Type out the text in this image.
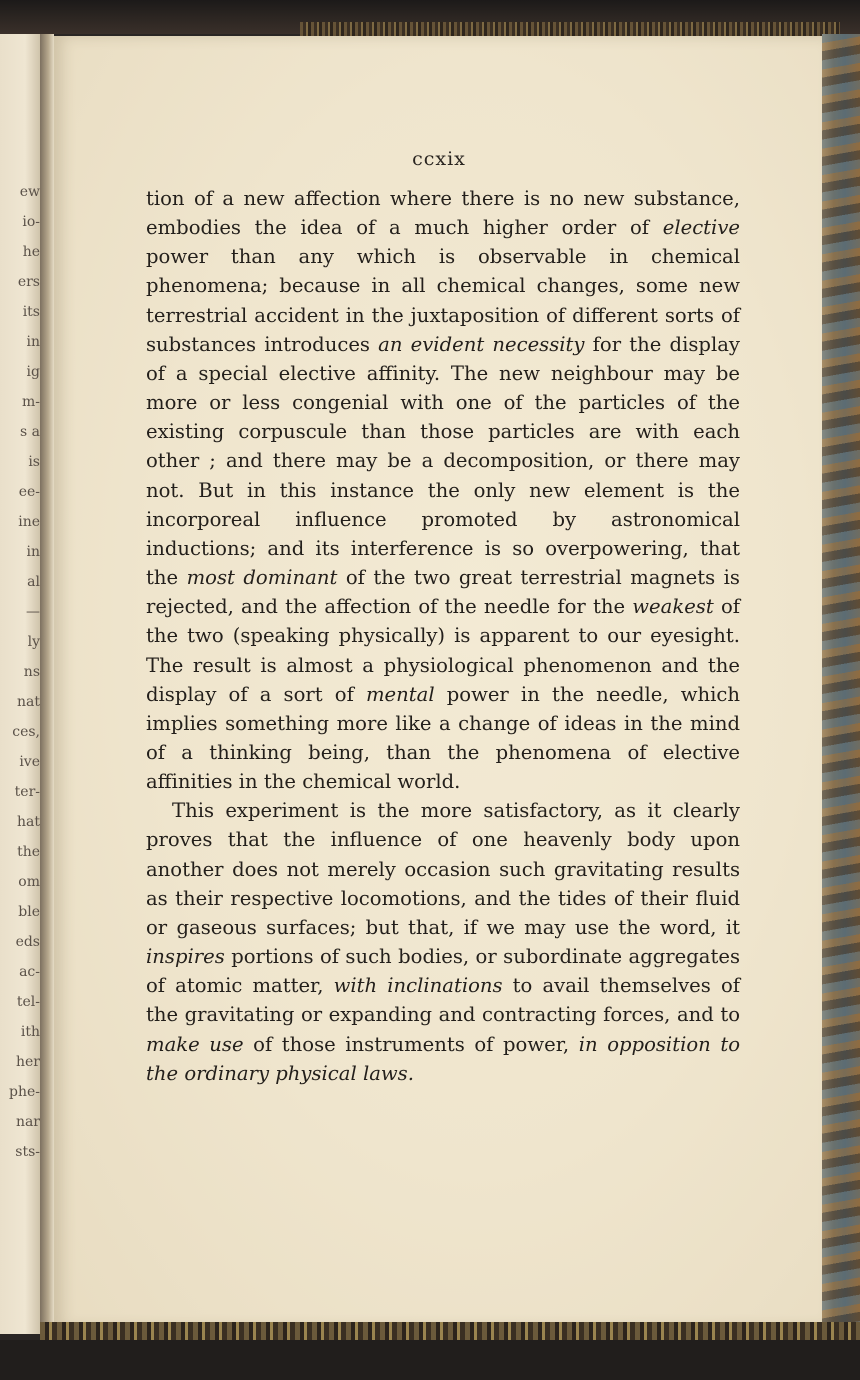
ew
io-
he
ers
its
in
ig
m-
s a
is
ee-
ine
in
al
—
ly
ns
nat
ces,
ive
ter-
hat
the
om
ble
eds
ac-
tel-
ith
her
phe-
nar
sts-
ccxix

tion of a new affection where there is no new substance, embodies the idea of a much higher order of elective power than any which is observable in chemical phenomena; because in all chemical changes, some new terrestrial accident in the juxtaposition of different sorts of substances introduces an evident necessity for the display of a special elective affinity. The new neighbour may be more or less congenial with one of the particles of the existing corpuscule than those particles are with each other ; and there may be a decomposition, or there may not. But in this instance the only new element is the incorporeal influence promoted by astronomical inductions; and its interference is so overpowering, that the most dominant of the two great terrestrial magnets is rejected, and the affection of the needle for the weakest of the two (speaking physically) is apparent to our eyesight. The result is almost a physiological phenomenon and the display of a sort of mental power in the needle, which implies something more like a change of ideas in the mind of a thinking being, than the phenomena of elective affinities in the chemical world.

This experiment is the more satisfactory, as it clearly proves that the influence of one heavenly body upon another does not merely occasion such gravitating results as their respective locomotions, and the tides of their fluid or gaseous surfaces; but that, if we may use the word, it inspires portions of such bodies, or subordinate aggregates of atomic matter, with inclinations to avail themselves of the gravitating or expanding and contracting forces, and to make use of those instruments of power, in opposition to the ordinary physical laws.
